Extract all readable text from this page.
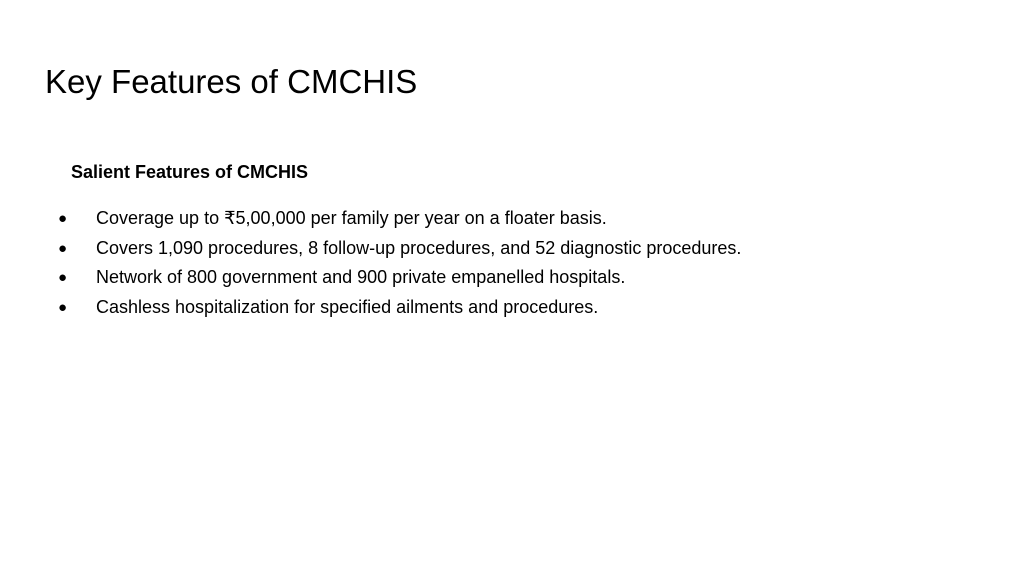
Key Features of CMCHIS
Salient Features of CMCHIS
● Coverage up to ₹5,00,000 per family per year on a floater basis.
● Covers 1,090 procedures, 8 follow-up procedures, and 52 diagnostic procedures.
● Network of 800 government and 900 private empanelled hospitals.
● Cashless hospitalization for specified ailments and procedures.
